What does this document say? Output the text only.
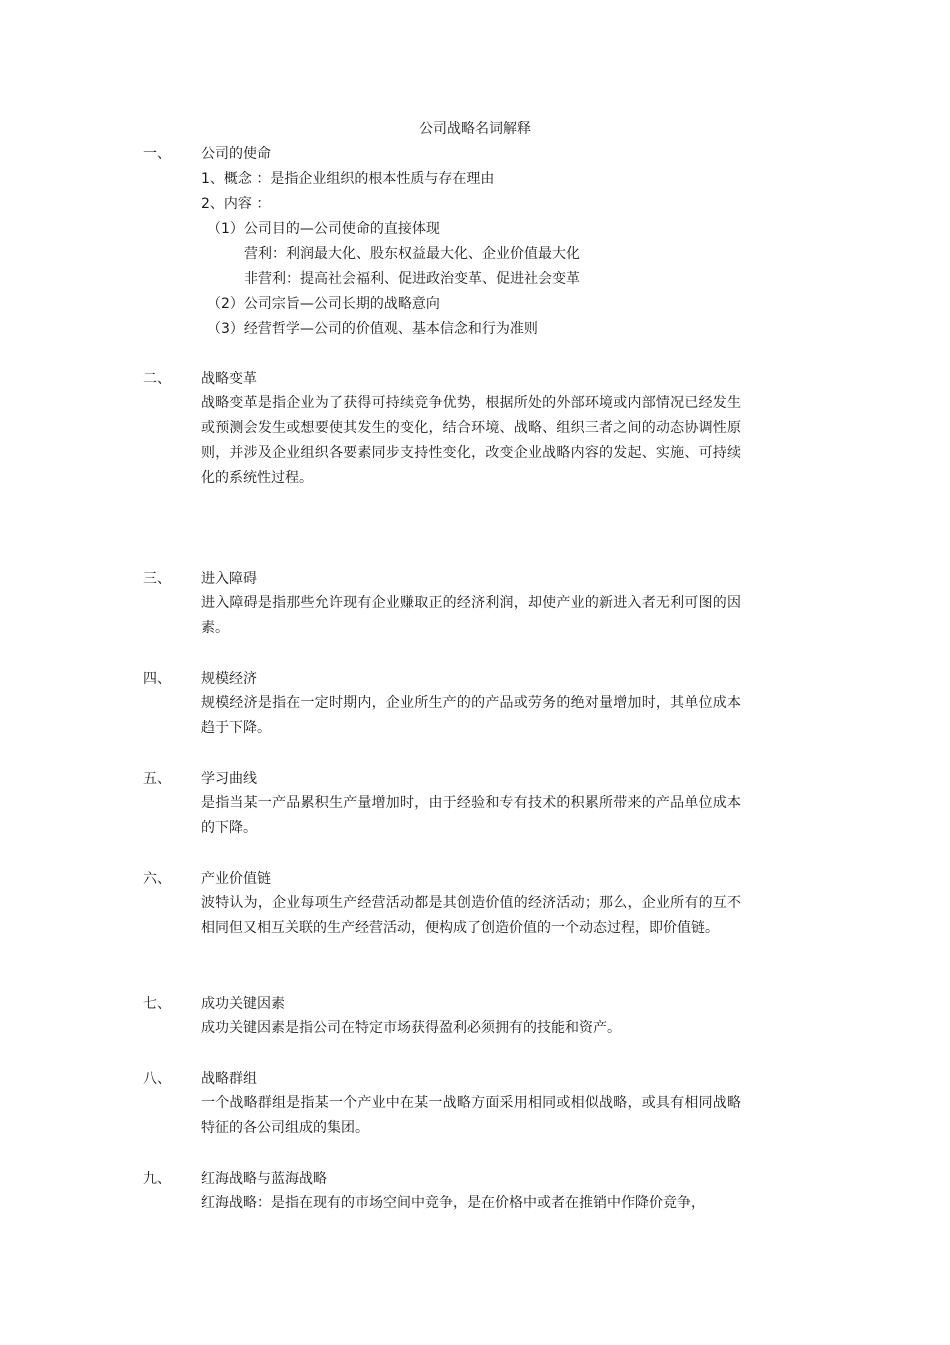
公司战略名词解释
一、 公司的使命
1、概念 ：是指企业组织的根本性质与存在理由
2、内容 ：
（1）公司目的—公司使命的直接体现
营利：利润最大化、股东权益最大化、企业价值最大化
非营利：提高社会福利、促进政治变革、促进社会变革
（2）公司宗旨—公司长期的战略意向
（3）经营哲学—公司的价值观、基本信念和行为准则
二、 战略变革
战略变革是指企业为了获得可持续竞争优势，根据所处的外部环境或内部情况已经发生或预测会发生或想要使其发生的变化，结合环境、战略、组织三者之间的动态协调性原则，并涉及企业组织各要素同步支持性变化，改变企业战略内容的发起、实施、可持续化的系统性过程。
三、 进入障碍
进入障碍是指那些允许现有企业赚取正的经济利润，却使产业的新进入者无利可图的因素。
四、 规模经济
规模经济是指在一定时期内，企业所生产的的产品或劳务的绝对量增加时，其单位成本趋于下降。
五、 学习曲线
是指当某一产品累积生产量增加时，由于经验和专有技术的积累所带来的产品单位成本的下降。
六、 产业价值链
波特认为，企业每项生产经营活动都是其创造价值的经济活动；那么，企业所有的互不相同但又相互关联的生产经营活动，便构成了创造价值的一个动态过程，即价值链。
七、 成功关键因素
成功关键因素是指公司在特定市场获得盈利必须拥有的技能和资产。
八、 战略群组
一个战略群组是指某一个产业中在某一战略方面采用相同或相似战略，或具有相同战略特征的各公司组成的集团。
九、 红海战略与蓝海战略
红海战略：是指在现有的市场空间中竞争，是在价格中或者在推销中作降价竞争，
